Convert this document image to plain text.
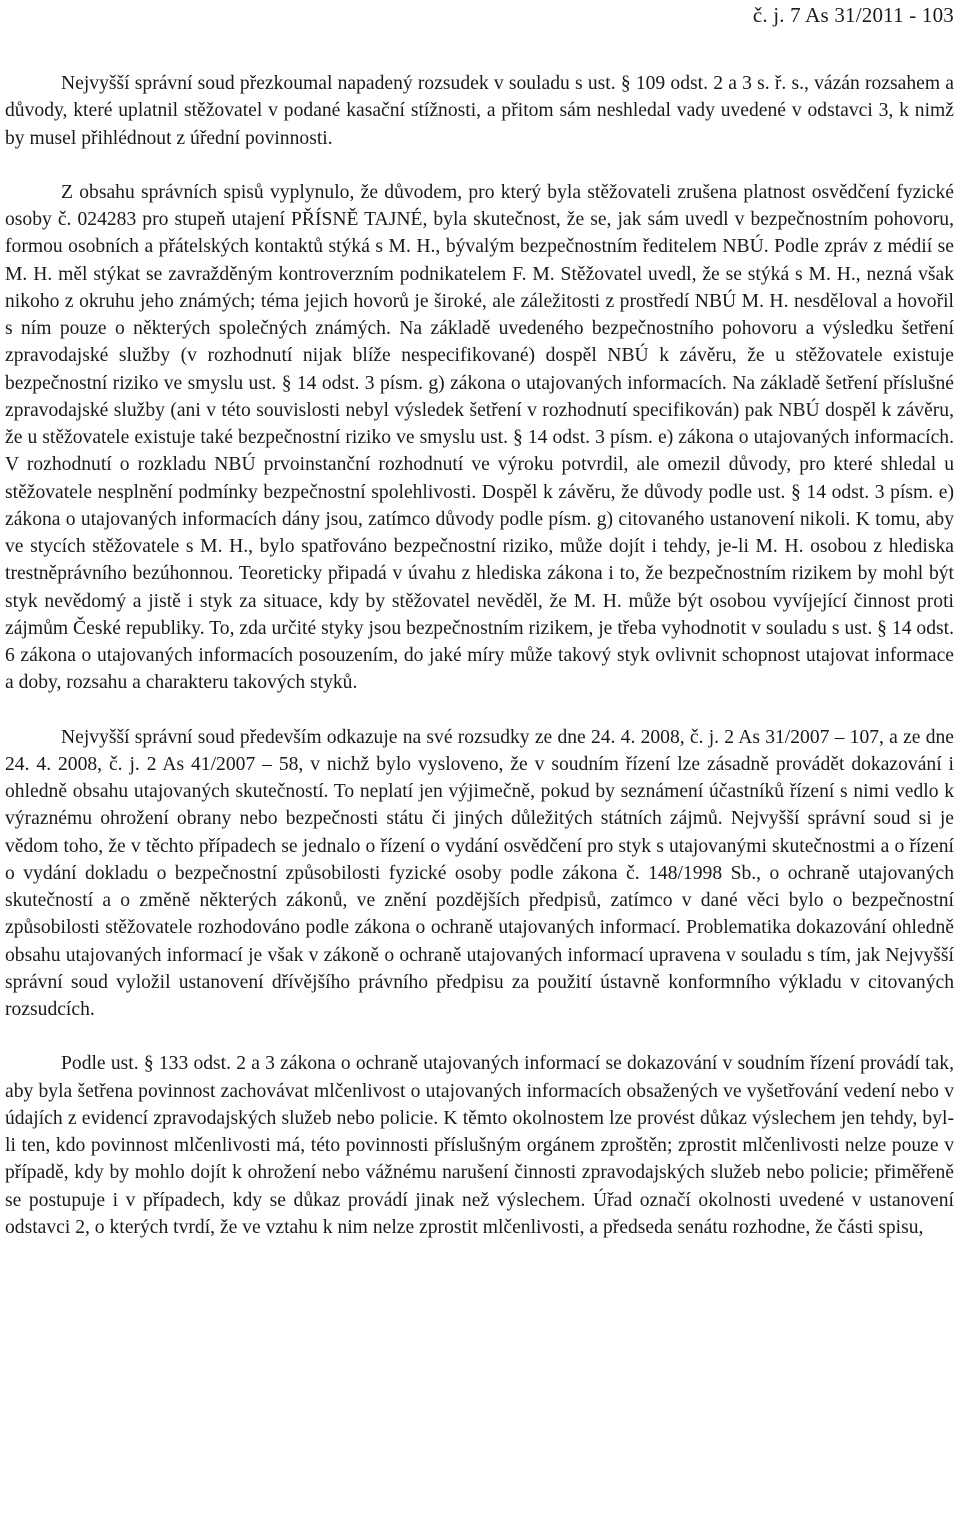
č. j. 7 As 31/2011 - 103

Nejvyšší správní soud přezkoumal napadený rozsudek v souladu s ust. § 109 odst. 2 a 3 s. ř. s., vázán rozsahem a důvody, které uplatnil stěžovatel v podané kasační stížnosti, a přitom sám neshledal vady uvedené v odstavci 3, k nimž by musel přihlédnout z úřední povinnosti.

Z obsahu správních spisů vyplynulo, že důvodem, pro který byla stěžovateli zrušena platnost osvědčení fyzické osoby č. 024283 pro stupeň utajení PŘÍSNĚ TAJNÉ, byla skutečnost, že se, jak sám uvedl v bezpečnostním pohovoru, formou osobních a přátelských kontaktů stýká s M. H., bývalým bezpečnostním ředitelem NBÚ. Podle zpráv z médií se M. H. měl stýkat se zavražděným kontroverzním podnikatelem F. M. Stěžovatel uvedl, že se stýká s M. H., nezná však nikoho z okruhu jeho známých; téma jejich hovorů je široké, ale záležitosti z prostředí NBÚ M. H. nesděloval a hovořil s ním pouze o některých společných známých. Na základě uvedeného bezpečnostního pohovoru a výsledku šetření zpravodajské služby (v rozhodnutí nijak blíže nespecifikované) dospěl NBÚ k závěru, že u stěžovatele existuje bezpečnostní riziko ve smyslu ust. § 14 odst. 3 písm. g) zákona o utajovaných informacích. Na základě šetření příslušné zpravodajské služby (ani v této souvislosti nebyl výsledek šetření v rozhodnutí specifikován) pak NBÚ dospěl k závěru, že u stěžovatele existuje také bezpečnostní riziko ve smyslu ust. § 14 odst. 3 písm. e) zákona o utajovaných informacích. V rozhodnutí o rozkladu NBÚ prvoinstanční rozhodnutí ve výroku potvrdil, ale omezil důvody, pro které shledal u stěžovatele nesplnění podmínky bezpečnostní spolehlivosti. Dospěl k závěru, že důvody podle ust. § 14 odst. 3 písm. e) zákona o utajovaných informacích dány jsou, zatímco důvody podle písm. g) citovaného ustanovení nikoli. K tomu, aby ve stycích stěžovatele s M. H., bylo spatřováno bezpečnostní riziko, může dojít i tehdy, je-li M. H. osobou z hlediska trestněprávního bezúhonnou. Teoreticky připadá v úvahu z hlediska zákona i to, že bezpečnostním rizikem by mohl být styk nevědomý a jistě i styk za situace, kdy by stěžovatel nevěděl, že M. H. může být osobou vyvíjející činnost proti zájmům České republiky. To, zda určité styky jsou bezpečnostním rizikem, je třeba vyhodnotit v souladu s ust. § 14 odst. 6 zákona o utajovaných informacích posouzením, do jaké míry může takový styk ovlivnit schopnost utajovat informace a doby, rozsahu a charakteru takových styků.

Nejvyšší správní soud především odkazuje na své rozsudky ze dne 24. 4. 2008, č. j. 2 As 31/2007 – 107, a ze dne 24. 4. 2008, č. j. 2 As 41/2007 – 58, v nichž bylo vysloveno, že v soudním řízení lze zásadně provádět dokazování i ohledně obsahu utajovaných skutečností. To neplatí jen výjimečně, pokud by seznámení účastníků řízení s nimi vedlo k výraznému ohrožení obrany nebo bezpečnosti státu či jiných důležitých státních zájmů. Nejvyšší správní soud si je vědom toho, že v těchto případech se jednalo o řízení o vydání osvědčení pro styk s utajovanými skutečnostmi a o řízení o vydání dokladu o bezpečnostní způsobilosti fyzické osoby podle zákona č. 148/1998 Sb., o ochraně utajovaných skutečností a o změně některých zákonů, ve znění pozdějších předpisů, zatímco v dané věci bylo o bezpečnostní způsobilosti stěžovatele rozhodováno podle zákona o ochraně utajovaných informací. Problematika dokazování ohledně obsahu utajovaných informací je však v zákoně o ochraně utajovaných informací upravena v souladu s tím, jak Nejvyšší správní soud vyložil ustanovení dřívějšího právního předpisu za použití ústavně konformního výkladu v citovaných rozsudcích.

Podle ust. § 133 odst. 2 a 3 zákona o ochraně utajovaných informací se dokazování v soudním řízení provádí tak, aby byla šetřena povinnost zachovávat mlčenlivost o utajovaných informacích obsažených ve vyšetřování vedení nebo v údajích z evidencí zpravodajských služeb nebo policie. K těmto okolnostem lze provést důkaz výslechem jen tehdy, byl-li ten, kdo povinnost mlčenlivosti má, této povinnosti příslušným orgánem zproštěn; zprostit mlčenlivosti nelze pouze v případě, kdy by mohlo dojít k ohrožení nebo vážnému narušení činnosti zpravodajských služeb nebo policie; přiměřeně se postupuje i v případech, kdy se důkaz provádí jinak než výslechem. Úřad označí okolnosti uvedené v ustanovení odstavci 2, o kterých tvrdí, že ve vztahu k nim nelze zprostit mlčenlivosti, a předseda senátu rozhodne, že části spisu,
